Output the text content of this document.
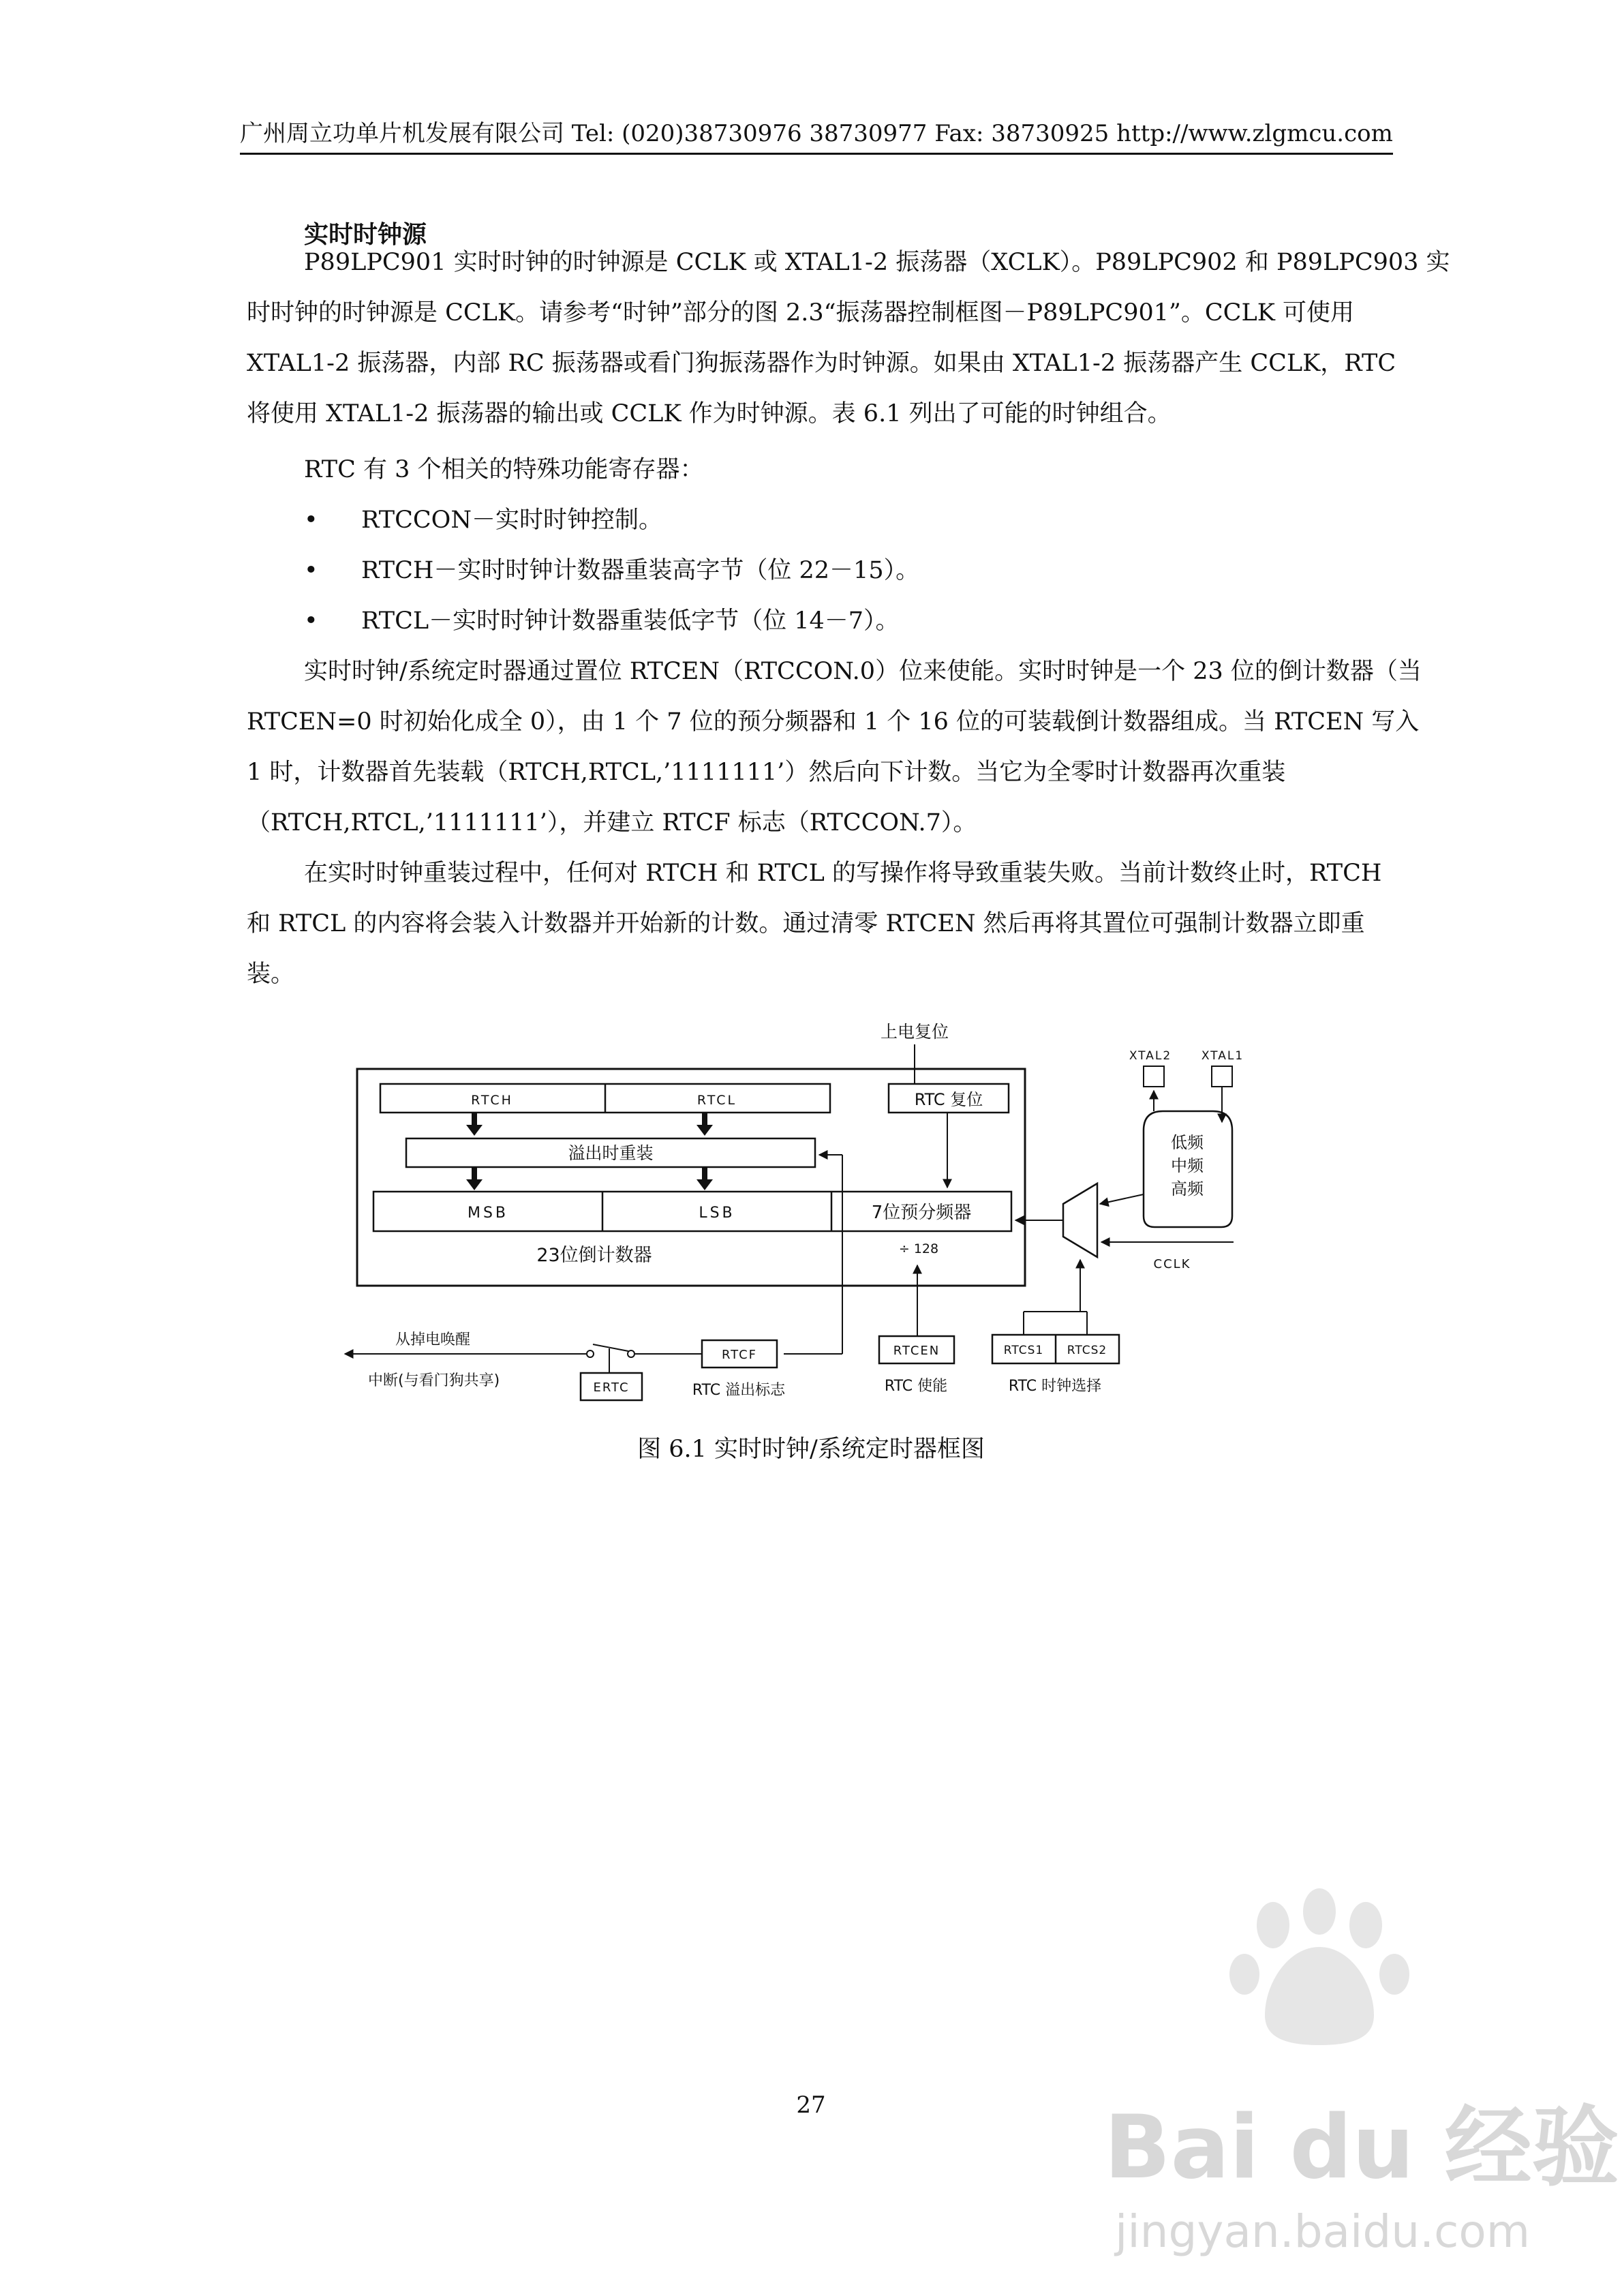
广州周立功单片机发展有限公司 Tel: (020)38730976 38730977 Fax: 38730925 http://www.zlgmcu.com
实时时钟源

P89LPC901 实时时钟的时钟源是 CCLK 或 XTAL1-2 振荡器（XCLK）。P89LPC902 和 P89LPC903 实
时时钟的时钟源是 CCLK。请参考“时钟”部分的图 2.3“振荡器控制框图－P89LPC901”。CCLK 可使用
XTAL1-2 振荡器，内部 RC 振荡器或看门狗振荡器作为时钟源。如果由 XTAL1-2 振荡器产生 CCLK，RTC
将使用 XTAL1-2 振荡器的输出或 CCLK 作为时钟源。表 6.1 列出了可能的时钟组合。

RTC 有 3 个相关的特殊功能寄存器：

• RTCCON－实时时钟控制。
• RTCH－实时时钟计数器重装高字节（位 22－15）。
• RTCL－实时时钟计数器重装低字节（位 14－7）。

实时时钟/系统定时器通过置位 RTCEN（RTCCON.0）位来使能。实时时钟是一个 23 位的倒计数器（当
RTCEN=0 时初始化成全 0），由 1 个 7 位的预分频器和 1 个 16 位的可装载倒计数器组成。当 RTCEN 写入
1 时，计数器首先装载（RTCH,RTCL,’1111111’）然后向下计数。当它为全零时计数器再次重装
（RTCH,RTCL,’1111111’），并建立 RTCF 标志（RTCCON.7）。

在实时时钟重装过程中，任何对 RTCH 和 RTCL 的写操作将导致重装失败。当前计数终止时，RTCH
和 RTCL 的内容将会装入计数器并开始新的计数。通过清零 RTCEN 然后再将其置位可强制计数器立即重
装。

上电复位
RTCH	RTCL	RTC 复位
溢出时重装
MSB	LSB	7位预分频器
23位倒计数器	÷ 128
RTCF
RTC 溢出标志
ERTC
从掉电唤醒
中断(与看门狗共享)
RTCEN
RTC 使能
XTAL2	XTAL1
低频
中频
高频
CCLK
RTCS1 RTCS2
RTC 时钟选择
图 6.1 实时时钟/系统定时器框图
27	Bai du 经验
jingyan.baidu.com
